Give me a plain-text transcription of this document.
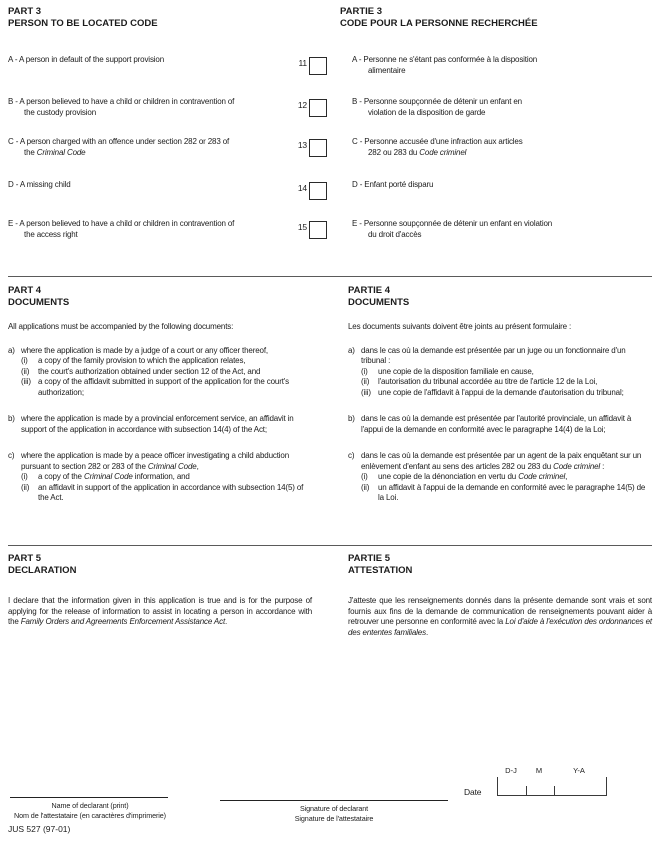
PART 3
PERSON TO BE LOCATED CODE
PARTIE 3
CODE POUR LA PERSONNE RECHERCHÉE
A - A person in default of the support provision	11	A - Personne ne s'étant pas conformée à la disposition
alimentaire
B - A person believed to have a child or children in contravention of
the custody provision
12	B - Personne soupçonnée de détenir un enfant en
violation de la disposition de garde
C - A person charged with an offence under section 282 or 283 of
the Criminal Code
13	C - Personne accusée d'une infraction aux articles
282 ou 283 du Code criminel
D - A missing child	14	D - Enfant porté disparu
E - A person believed to have a child or children in contravention of
the access right
15	E - Personne soupçonnée de détenir un enfant en violation
du droit d'accès
PART 4
DOCUMENTS
All applications must be accompanied by the following documents:
a) where the application is made by a judge of a court or any officer thereof,
(i)	a copy of the family provision to which the application relates,
(ii)	the court's authorization obtained under section 12 of the Act, and
(iii) a copy of the affidavit submitted in support of the application for the court's authorization;
b) where the application is made by a provincial enforcement service, an affidavit in support of the application in accordance with subsection 14(4) of the Act;
c) where the application is made by a peace officer investigating a child abduction pursuant to section 282 or 283 of the Criminal Code,
(i)	a copy of the Criminal Code information, and
(ii)	an affidavit in support of the application in accordance with subsection 14(5) of the Act.
PARTIE 4
DOCUMENTS
Les documents suivants doivent être joints au présent formulaire :
a) dans le cas où la demande est présentée par un juge ou un fonctionnaire d'un tribunal :
(i)	une copie de la disposition familiale en cause,
(ii)	l'autorisation du tribunal accordée au titre de l'article 12 de la Loi,
(iii) une copie de l'affidavit à l'appui de la demande d'autorisation du tribunal;
b) dans le cas où la demande est présentée par l'autorité provinciale, un affidavit à l'appui de la demande en conformité avec le paragraphe 14(4) de la Loi;
c) dans le cas où la demande est présentée par un agent de la paix enquêtant sur un enlèvement d'enfant au sens des articles 282 ou 283 du Code criminel :
(i)	une copie de la dénonciation en vertu du Code criminel,
(ii)	un affidavit à l'appui de la demande en conformité avec le paragraphe 14(5) de la Loi.
PART 5
DECLARATION
I declare that the information given in this application is true and is for the purpose of applying for the release of information to assist in locating a person in accordance with the Family Orders and Agreements Enforcement Assistance Act.
PARTIE 5
ATTESTATION
J'atteste que les renseignements donnés dans la présente demande sont vrais et sont fournis aux fins de la demande de communication de renseignements pouvant aider à retrouver une personne en conformité avec la Loi d'aide à l'exécution des ordonnances et des ententes familiales.
D-J	M	Y-A
Date
Name of declarant (print)
Nom de l'attestataire (en caractères d'imprimerie)
Signature of declarant
Signature de l'attestataire
JUS 527 (97-01)
